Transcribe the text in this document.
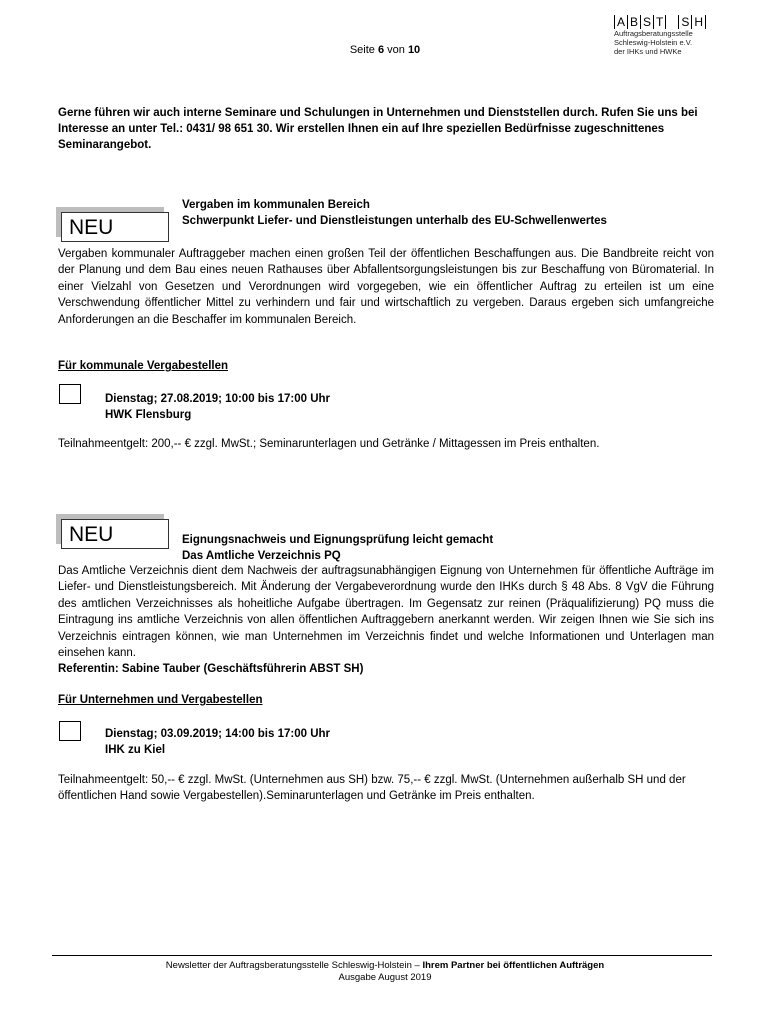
Seite 6 von 10
A B S T S H
Auftragsberatungsstelle
Schleswig-Holstein e.V.
der IHKs und HWKe
Gerne führen wir auch interne Seminare und Schulungen in Unternehmen und Dienststellen durch. Rufen Sie uns bei Interesse an unter Tel.: 0431/ 98 651 30. Wir erstellen Ihnen ein auf Ihre speziellen Bedürfnisse zugeschnittenes Seminarangebot.
NEU
Vergaben im kommunalen Bereich
Schwerpunkt Liefer- und Dienstleistungen unterhalb des EU-Schwellenwertes
Vergaben kommunaler Auftraggeber machen einen großen Teil der öffentlichen Beschaffungen aus. Die Bandbreite reicht von der Planung und dem Bau eines neuen Rathauses über Abfallentsorgungsleistungen bis zur Beschaffung von Büromaterial. In einer Vielzahl von Gesetzen und Verordnungen wird vorgegeben, wie ein öffentlicher Auftrag zu erteilen ist um eine Verschwendung öffentlicher Mittel zu verhindern und fair und wirtschaftlich zu vergeben. Daraus ergeben sich umfangreiche Anforderungen an die Beschaffer im kommunalen Bereich.
Für kommunale Vergabestellen
Dienstag; 27.08.2019; 10:00 bis 17:00 Uhr
HWK Flensburg
Teilnahmeentgelt: 200,-- € zzgl. MwSt.; Seminarunterlagen und Getränke / Mittagessen im Preis enthalten.
NEU	Eignungsnachweis und Eignungsprüfung leicht gemacht
Das Amtliche Verzeichnis PQ
Das Amtliche Verzeichnis dient dem Nachweis der auftragsunabhängigen Eignung von Unternehmen für öffentliche Aufträge im Liefer- und Dienstleistungsbereich. Mit Änderung der Vergabeverordnung wurde den IHKs durch § 48 Abs. 8 VgV die Führung des amtlichen Verzeichnisses als hoheitliche Aufgabe übertragen. Im Gegensatz zur reinen (Präqualifizierung) PQ muss die Eintragung ins amtliche Verzeichnis von allen öffentlichen Auftraggebern anerkannt werden. Wir zeigen Ihnen wie Sie sich ins Verzeichnis eintragen können, wie man Unternehmen im Verzeichnis findet und welche Informationen und Unterlagen man einsehen kann.
Referentin: Sabine Tauber (Geschäftsführerin ABST SH)
Für Unternehmen und Vergabestellen
Dienstag; 03.09.2019; 14:00 bis 17:00 Uhr
IHK zu Kiel
Teilnahmeentgelt: 50,-- € zzgl. MwSt. (Unternehmen aus SH) bzw. 75,-- € zzgl. MwSt. (Unternehmen außerhalb SH und der öffentlichen Hand sowie Vergabestellen).Seminarunterlagen und Getränke im Preis enthalten.
Newsletter der Auftragsberatungsstelle Schleswig-Holstein – Ihrem Partner bei öffentlichen Aufträgen
Ausgabe August 2019
